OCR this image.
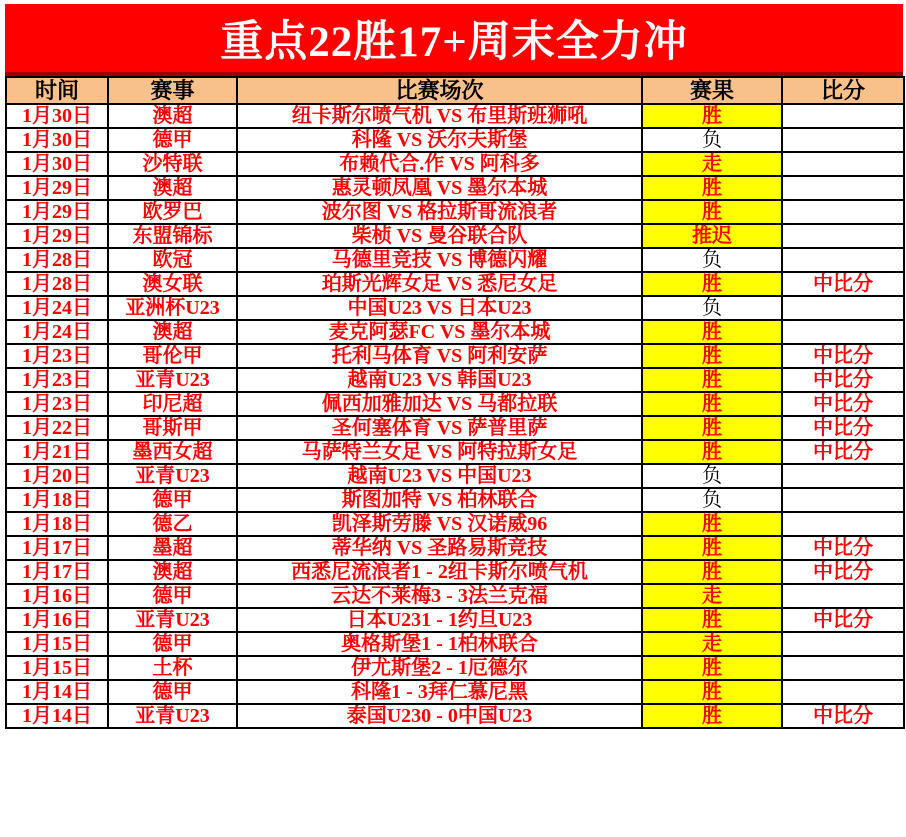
重点22胜17+周末全力冲
时间	赛事	比赛场次	赛果	比分
1月30日	澳超	纽卡斯尔喷气机 VS 布里斯班狮吼	胜	
1月30日	德甲	科隆 VS 沃尔夫斯堡	负	
1月30日	沙特联	布赖代合.作 VS 阿科多	走	
1月29日	澳超	惠灵顿凤凰 VS 墨尔本城	胜	
1月29日	欧罗巴	波尔图 VS 格拉斯哥流浪者	胜	
1月29日	东盟锦标	柴桢 VS 曼谷联合队	推迟	
1月28日	欧冠	马德里竞技 VS 博德闪耀	负	
1月28日	澳女联	珀斯光辉女足 VS 悉尼女足	胜	中比分
1月24日	亚洲杯U23	中国U23 VS 日本U23	负	
1月24日	澳超	麦克阿瑟FC VS 墨尔本城	胜	
1月23日	哥伦甲	托利马体育 VS 阿利安萨	胜	中比分
1月23日	亚青U23	越南U23 VS 韩国U23	胜	中比分
1月23日	印尼超	佩西加雅加达 VS 马都拉联	胜	中比分
1月22日	哥斯甲	圣何塞体育 VS 萨普里萨	胜	中比分
1月21日	墨西女超	马萨特兰女足 VS 阿特拉斯女足	胜	中比分
1月20日	亚青U23	越南U23 VS 中国U23	负	
1月18日	德甲	斯图加特 VS 柏林联合	负	
1月18日	德乙	凯泽斯劳滕 VS 汉诺威96	胜	
1月17日	墨超	蒂华纳 VS 圣路易斯竞技	胜	中比分
1月17日	澳超	西悉尼流浪者1 - 2纽卡斯尔喷气机	胜	中比分
1月16日	德甲	云达不莱梅3 - 3法兰克福	走	
1月16日	亚青U23	日本U231 - 1约旦U23	胜	中比分
1月15日	德甲	奥格斯堡1 - 1柏林联合	走	
1月15日	土杯	伊尤斯堡2 - 1厄德尔	胜	
1月14日	德甲	科隆1 - 3拜仁慕尼黑	胜	
1月14日	亚青U23	泰国U230 - 0中国U23	胜	中比分
